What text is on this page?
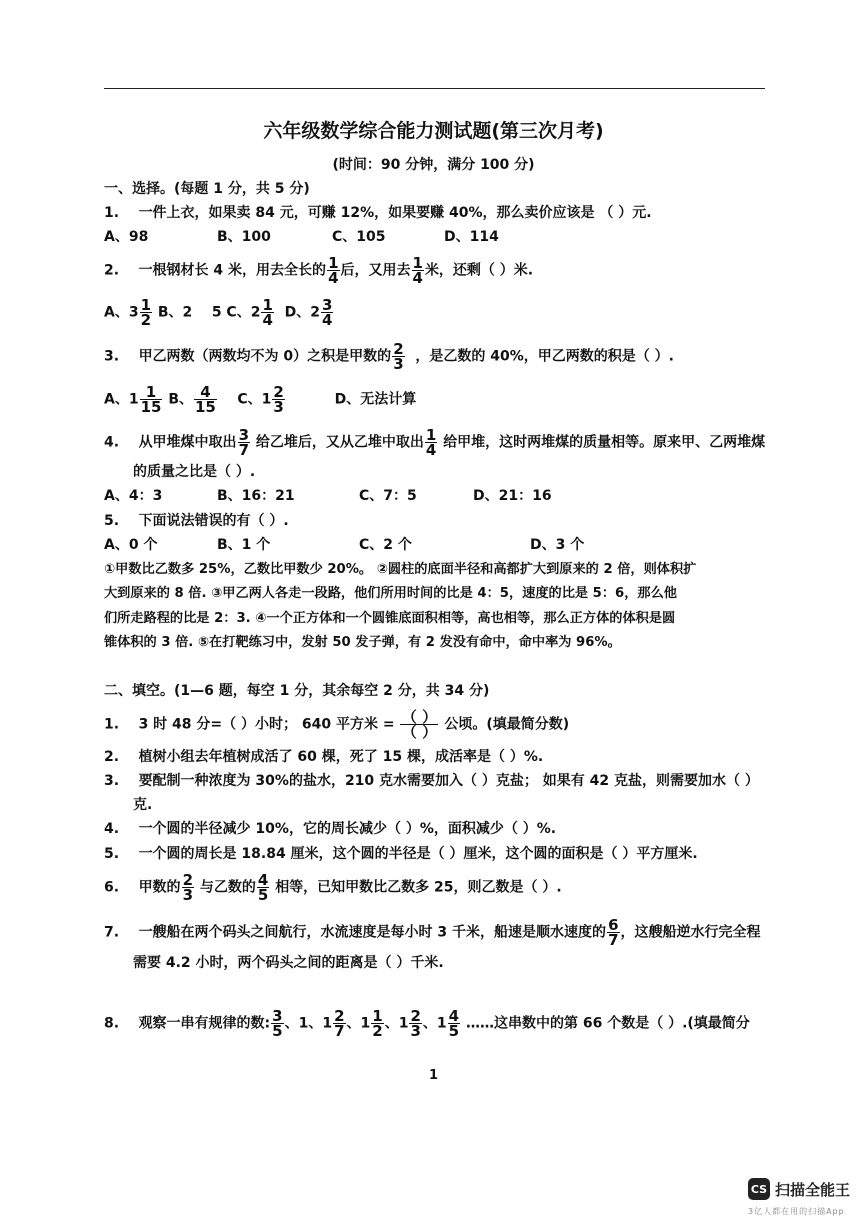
六年级数学综合能力测试题(第三次月考)
(时间：90 分钟，满分 100 分)
一、选择。(每题 1 分，共 5 分)
1. 一件上衣，如果卖 84 元，可赚 12%，如果要赚 40%，那么卖价应该是 （ ）元.
A、98	B、100	C、105	D、114
2. 一根钢材长 4 米，用去全长的 $\frac{1}{4}$ 后，又用去 $\frac{1}{4}$ 米，还剩（ ）米.
A、$3 \frac{1}{2}$ B、2 5 C、$2 \frac{1}{4}$ D、$2 \frac{3}{4}$
3. 甲乙两数（两数均不为 0）之积是甲数的 $\frac{2}{3}$ ，是乙数的 40%，甲乙两数的积是（ ）.
A、$1 \frac{1}{15}$ B、 $\frac{4}{15}$ C、$1 \frac{2}{3}$	D、无法计算
4. 从甲堆煤中取出 $\frac{3}{7}$ 给乙堆后，又从乙堆中取出 $\frac{1}{4}$ 给甲堆，这时两堆煤的质量相等。原来甲、乙两堆煤
的质量之比是（ ）.
A、4：3	B、16：21	C、7：5	D、21：16
5. 下面说法错误的有（ ）.
A、0 个	B、1 个	C、2 个	D、3 个
①甲数比乙数多 25%，乙数比甲数少 20%。 ②圆柱的底面半径和高都扩大到原来的 2 倍，则体积扩
大到原来的 8 倍. ③甲乙两人各走一段路，他们所用时间的比是 4：5，速度的比是 5：6，那么他
们所走路程的比是 2：3. ④一个正方体和一个圆锥底面积相等，高也相等，那么正方体的体积是圆
锥体积的 3 倍. ⑤在打靶练习中，发射 50 发子弹，有 2 发没有命中，命中率为 96%。
二、填空。(1—6 题，每空 1 分，其余每空 2 分，共 34 分)
1. 3 时 48 分=（ ）小时； 640 平方米 = $\frac{( )}{( )}$ 公顷。(填最简分数)
2. 植树小组去年植树成活了 60 棵，死了 15 棵，成活率是（ ）%.
3. 要配制一种浓度为 30%的盐水，210 克水需要加入（ ）克盐； 如果有 42 克盐，则需要加水（ ）
克.
4. 一个圆的半径减少 10%，它的周长减少（ ）%，面积减少（ ）%.
5. 一个圆的周长是 18.84 厘米，这个圆的半径是（ ）厘米，这个圆的面积是（ ）平方厘米.
6. 甲数的 $\frac{2}{3}$ 与乙数的 $\frac{4}{5}$ 相等，已知甲数比乙数多 25，则乙数是（ ）.
7. 一艘船在两个码头之间航行，水流速度是每小时 3 千米，船速是顺水速度的 $\frac{6}{7}$ ，这艘船逆水行完全程
需要 4.2 小时，两个码头之间的距离是（ ）千米.
8. 观察一串有规律的数: $\frac{3}{5}$ 、1、$1 \frac{2}{7}$ 、$1 \frac{1}{2}$ 、$1 \frac{2}{3}$ 、$1 \frac{4}{5}$ ……这串数中的第 66 个数是（ ）.(填最简分
1
CS 扫描全能王
3亿人都在用的扫描App
